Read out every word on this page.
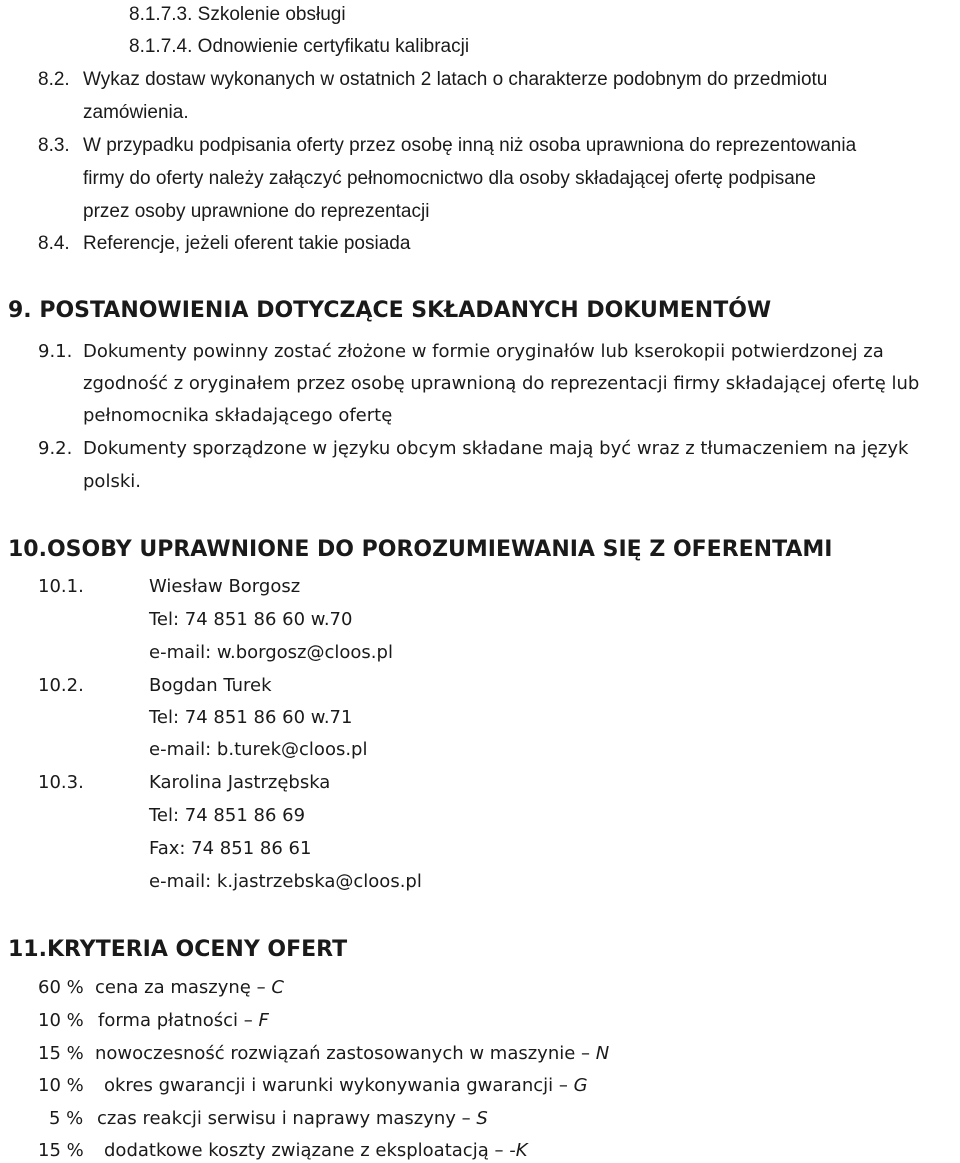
8.1.7.3. Szkolenie obsługi
8.1.7.4. Odnowienie certyfikatu kalibracji
8.2. Wykaz dostaw wykonanych w ostatnich 2 latach o charakterze podobnym do przedmiotu
zamówienia.
8.3. W przypadku podpisania oferty przez osobę inną niż osoba uprawniona do reprezentowania
firmy do oferty należy załączyć pełnomocnictwo dla osoby składającej ofertę podpisane
przez osoby uprawnione do reprezentacji
8.4. Referencje, jeżeli oferent takie posiada
9. POSTANOWIENIA DOTYCZĄCE SKŁADANYCH DOKUMENTÓW
9.1. Dokumenty powinny zostać złożone w formie oryginałów lub kserokopii potwierdzonej za
zgodność z oryginałem przez osobę uprawnioną do reprezentacji firmy składającej ofertę lub
pełnomocnika składającego ofertę
9.2. Dokumenty sporządzone w języku obcym składane mają być wraz z tłumaczeniem na język
polski.
10.OSOBY UPRAWNIONE DO POROZUMIEWANIA SIĘ Z OFERENTAMI
10.1.	Wiesław Borgosz
Tel: 74 851 86 60 w.70
e-mail: w.borgosz@cloos.pl
10.2.	Bogdan Turek
Tel: 74 851 86 60 w.71
e-mail: b.turek@cloos.pl
10.3.	Karolina Jastrzębska
Tel: 74 851 86 69
Fax: 74 851 86 61
e-mail: k.jastrzebska@cloos.pl
11.KRYTERIA OCENY OFERT
60 % cena za maszynę – C
10 % forma płatności – F
15 % nowoczesność rozwiązań zastosowanych w maszynie – N
10 % okres gwarancji i warunki wykonywania gwarancji – G
5 % czas reakcji serwisu i naprawy maszyny – S
15 % dodatkowe koszty związane z eksploatacją – -K
